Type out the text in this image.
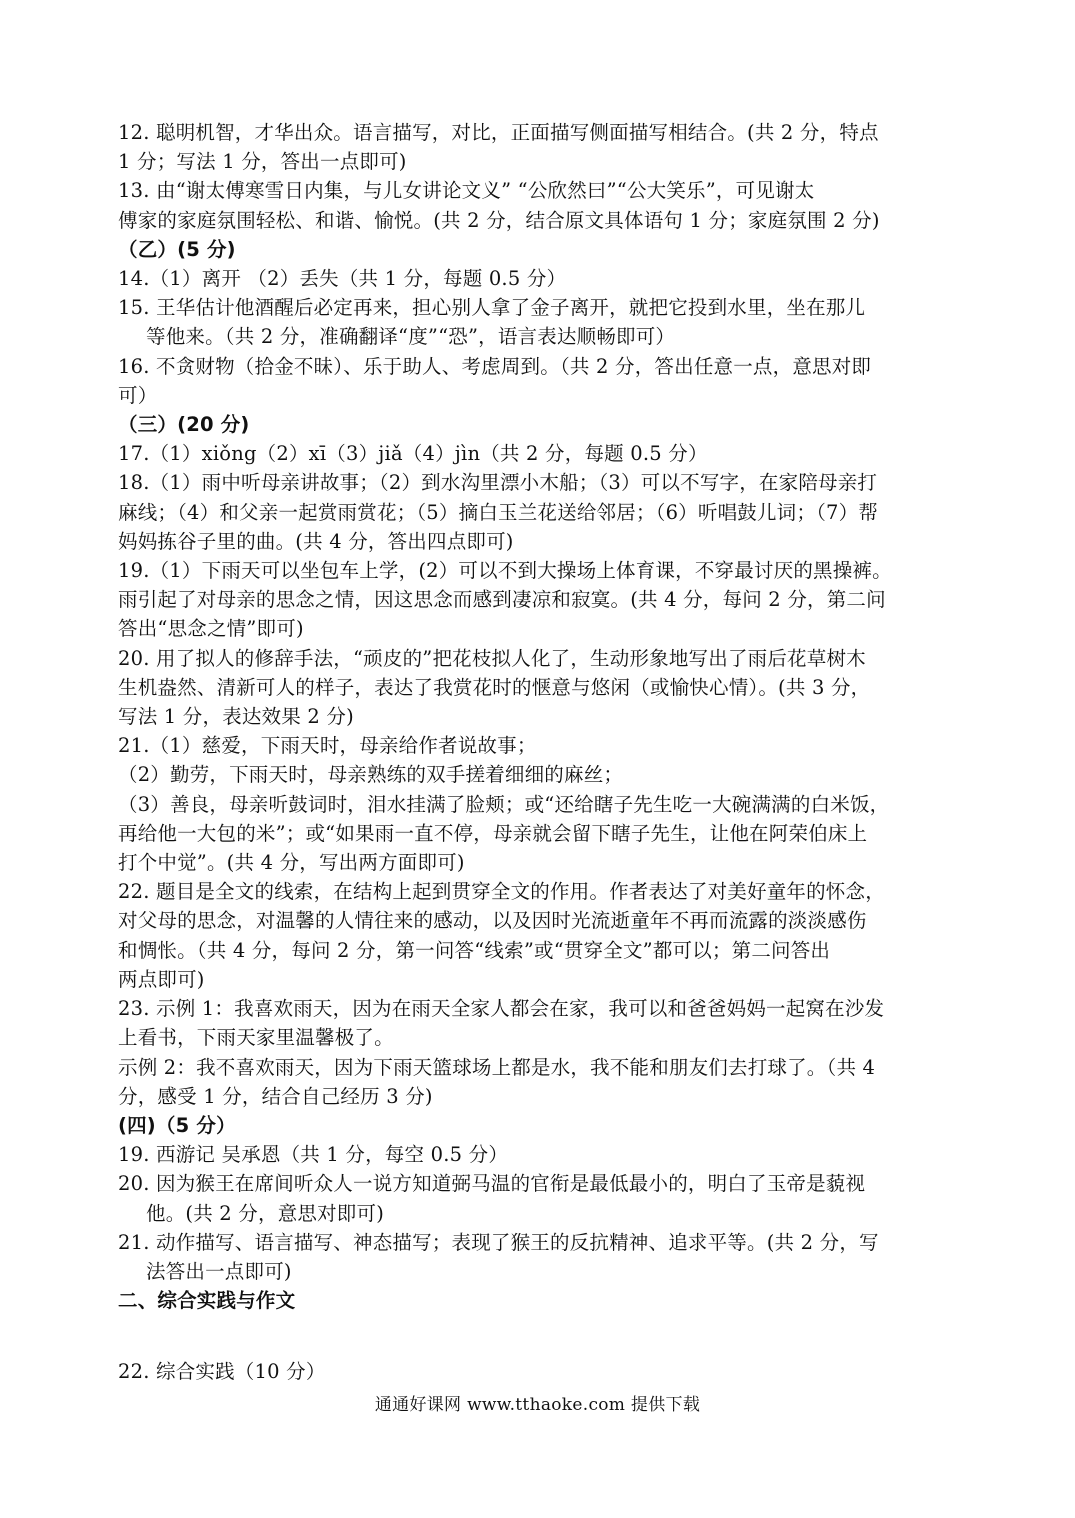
12. 聪明机智，才华出众。语言描写，对比，正面描写侧面描写相结合。(共 2 分，特点
1 分；写法 1 分，答出一点即可)
13. 由“谢太傅寒雪日内集，与儿女讲论文义” “公欣然曰”“公大笑乐”，可见谢太
傅家的家庭氛围轻松、和谐、愉悦。(共 2 分，结合原文具体语句 1 分；家庭氛围 2 分)
（乙）(5 分)
14.（1）离开 （2）丢失（共 1 分，每题 0.5 分）
15. 王华估计他酒醒后必定再来，担心别人拿了金子离开，就把它投到水里，坐在那儿
等他来。（共 2 分，准确翻译“度”“恐”，语言表达顺畅即可）
16. 不贪财物（拾金不昧）、乐于助人、考虑周到。（共 2 分，答出任意一点，意思对即
可）
（三）(20 分)
17.（1）xiǒng（2）xī（3）jiǎ（4）jìn（共 2 分，每题 0.5 分）
18.（1）雨中听母亲讲故事；（2）到水沟里漂小木船；（3）可以不写字，在家陪母亲打
麻线；（4）和父亲一起赏雨赏花；（5）摘白玉兰花送给邻居；（6）听唱鼓儿词；（7）帮
妈妈拣谷子里的曲。(共 4 分，答出四点即可)
19.（1）下雨天可以坐包车上学，(2）可以不到大操场上体育课，不穿最讨厌的黑操裤。
雨引起了对母亲的思念之情，因这思念而感到凄凉和寂寞。(共 4 分，每问 2 分，第二问
答出“思念之情”即可)
20. 用了拟人的修辞手法，“顽皮的”把花枝拟人化了，生动形象地写出了雨后花草树木
生机盎然、清新可人的样子，表达了我赏花时的惬意与悠闲（或愉快心情）。(共 3 分，
写法 1 分，表达效果 2 分)
21.（1）慈爱，下雨天时，母亲给作者说故事；
（2）勤劳，下雨天时，母亲熟练的双手搓着细细的麻丝；
（3）善良，母亲听鼓词时，泪水挂满了脸颊；或“还给瞎子先生吃一大碗满满的白米饭，
再给他一大包的米”；或“如果雨一直不停，母亲就会留下瞎子先生，让他在阿荣伯床上
打个中觉”。(共 4 分，写出两方面即可)
22. 题目是全文的线索，在结构上起到贯穿全文的作用。作者表达了对美好童年的怀念，
对父母的思念，对温馨的人情往来的感动，以及因时光流逝童年不再而流露的淡淡感伤
和惆怅。（共 4 分，每问 2 分，第一问答“线索”或“贯穿全文”都可以；第二问答出
两点即可)
23. 示例 1：我喜欢雨天，因为在雨天全家人都会在家，我可以和爸爸妈妈一起窝在沙发
上看书，下雨天家里温馨极了。
示例 2：我不喜欢雨天，因为下雨天篮球场上都是水，我不能和朋友们去打球了。（共 4
分，感受 1 分，结合自己经历 3 分)
(四)（5 分）
19. 西游记 吴承恩（共 1 分，每空 0.5 分）
20. 因为猴王在席间听众人一说方知道弼马温的官衔是最低最小的，明白了玉帝是藐视
他。(共 2 分，意思对即可)
21. 动作描写、语言描写、神态描写；表现了猴王的反抗精神、追求平等。(共 2 分，写
法答出一点即可)
二、综合实践与作文
22. 综合实践（10 分）
通通好课网 www.tthaoke.com 提供下载
